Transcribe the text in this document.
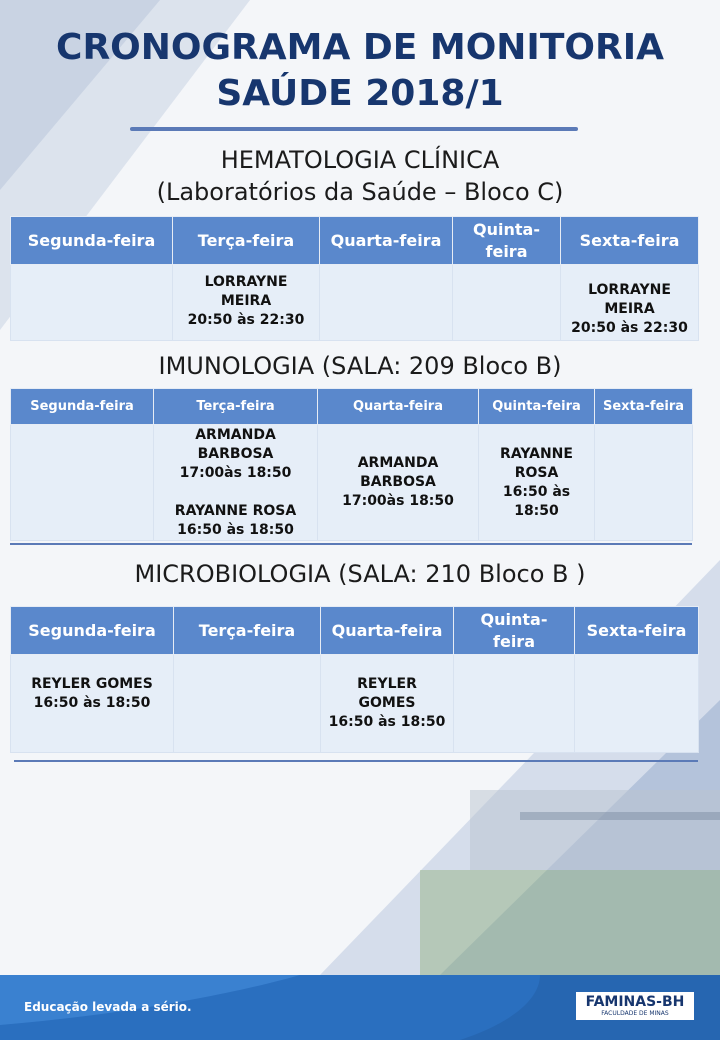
CRONOGRAMA DE MONITORIA
SAÚDE 2018/1
HEMATOLOGIA CLÍNICA
(Laboratórios da Saúde – Bloco C)
Segunda-feira	Terça-feira	Quarta-feira	Quinta-
feira	Sexta-feira

	LORRAYNE
MEIRA
20:50 às 22:30			LORRAYNE
MEIRA
20:50 às 22:30
IMUNOLOGIA (SALA: 209 Bloco B)
Segunda-feira	Terça-feira	Quarta-feira	Quinta-feira	Sexta-feira

	ARMANDA
BARBOSA
17:00às 18:50

RAYANNE ROSA
16:50 às 18:50	ARMANDA
BARBOSA
17:00às 18:50	RAYANNE
ROSA
16:50 às
18:50	

MICROBIOLOGIA (SALA: 210 Bloco B )
Segunda-feira	Terça-feira	Quarta-feira	Quinta-
feira	Sexta-feira

REYLER GOMES
16:50 às 18:50		REYLER
GOMES
16:50 às 18:50		

Educação levada a sério.	FAMINAS-BH
FACULDADE DE MINAS
